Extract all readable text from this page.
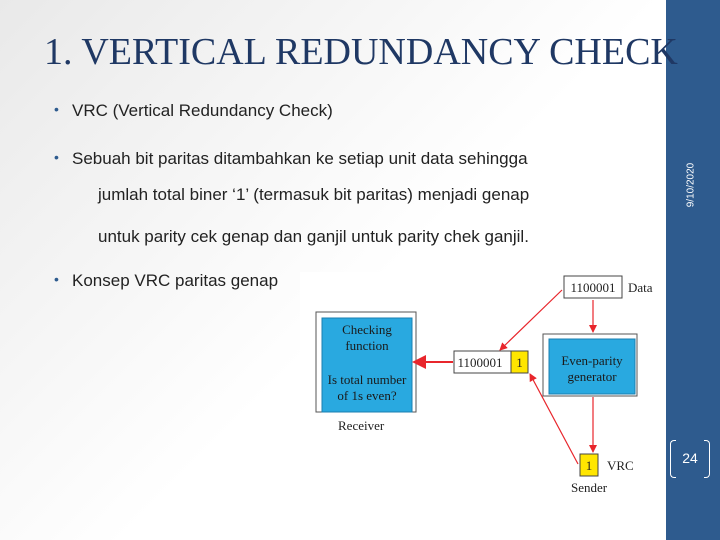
9/10/2020
24
1. VERTICAL REDUNDANCY CHECK
• VRC (Vertical Redundancy Check)
• Sebuah bit paritas ditambahkan ke setiap unit data sehingga
jumlah total biner ‘1’ (termasuk bit paritas) menjadi genap
untuk parity cek genap dan ganjil untuk parity chek ganjil.
• Konsep VRC paritas genap	1100001 Data
Checking
function
Is total number
of 1s even?
Receiver
1100001 1	Even-parity
generator
1 VRC
Sender
